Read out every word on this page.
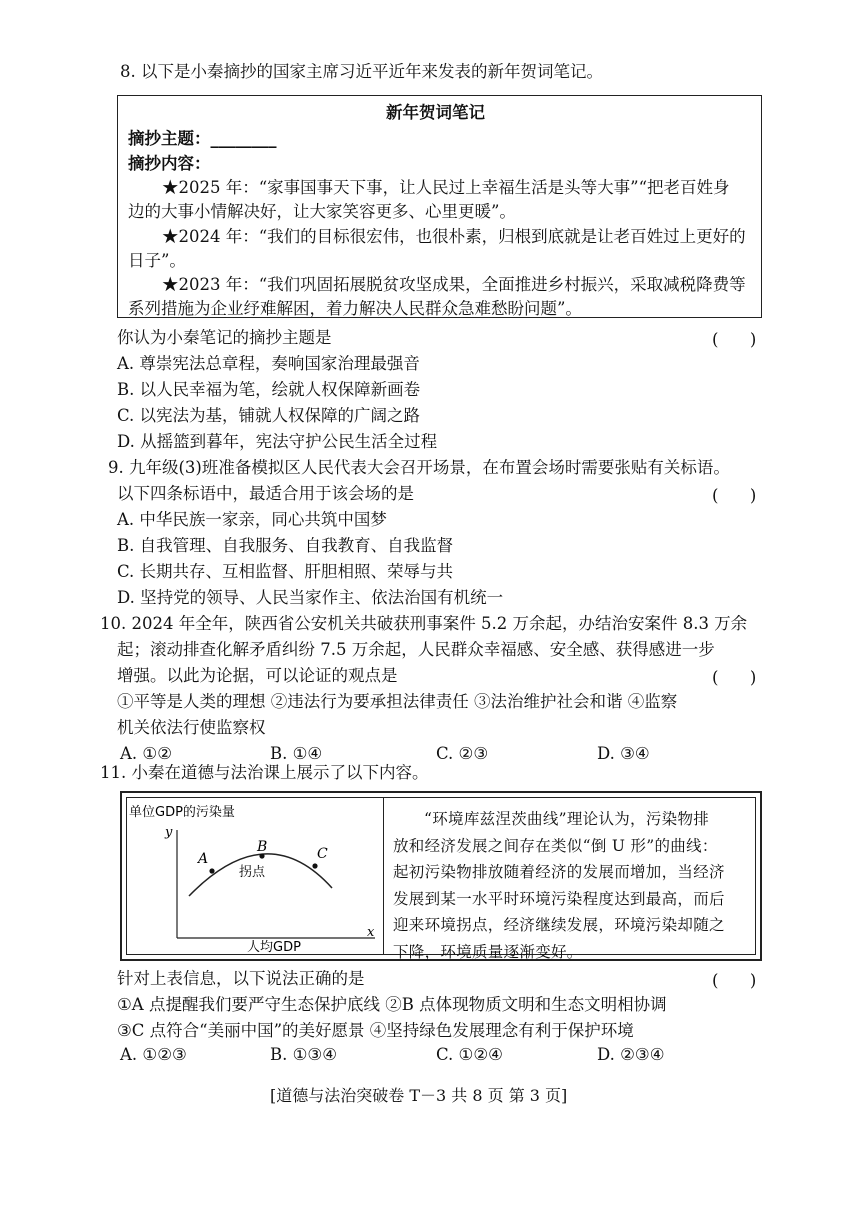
8. 以下是小秦摘抄的国家主席习近平近年来发表的新年贺词笔记。
新年贺词笔记
摘抄主题：________
摘抄内容：
★2025 年：“家事国事天下事，让人民过上幸福生活是头等大事”“把老百姓身
边的大事小情解决好，让大家笑容更多、心里更暖”。
★2024 年：“我们的目标很宏伟，也很朴素，归根到底就是让老百姓过上更好的
日子”。
★2023 年：“我们巩固拓展脱贫攻坚成果，全面推进乡村振兴，采取减税降费等
系列措施为企业纾难解困，着力解决人民群众急难愁盼问题”。
你认为小秦笔记的摘抄主题是	(      )
A. 尊崇宪法总章程，奏响国家治理最强音
B. 以人民幸福为笔，绘就人权保障新画卷
C. 以宪法为基，铺就人权保障的广阔之路
D. 从摇篮到暮年，宪法守护公民生活全过程
9. 九年级(3)班准备模拟区人民代表大会召开场景，在布置会场时需要张贴有关标语。
以下四条标语中，最适合用于该会场的是	(      )
A. 中华民族一家亲，同心共筑中国梦
B. 自我管理、自我服务、自我教育、自我监督
C. 长期共存、互相监督、肝胆相照、荣辱与共
D. 坚持党的领导、人民当家作主、依法治国有机统一
10. 2024 年全年，陕西省公安机关共破获刑事案件 5.2 万余起，办结治安案件 8.3 万余
起；滚动排查化解矛盾纠纷 7.5 万余起，人民群众幸福感、安全感、获得感进一步
增强。以此为论据，可以论证的观点是	(      )
①平等是人类的理想 ②违法行为要承担法律责任 ③法治维护社会和谐 ④监察
机关依法行使监察权
A. ①②	B. ①④	C. ②③	D. ③④
11. 小秦在道德与法治课上展示了以下内容。
单位GDP的污染量
y
x
人均GDP
拐点
A
B	C
“环境库兹涅茨曲线”理论认为，污染物排
放和经济发展之间存在类似“倒 U 形”的曲线：
起初污染物排放随着经济的发展而增加，当经济
发展到某一水平时环境污染程度达到最高，而后
迎来环境拐点，经济继续发展，环境污染却随之
下降，环境质量逐渐变好。
针对上表信息，以下说法正确的是	(      )
①A 点提醒我们要严守生态保护底线 ②B 点体现物质文明和生态文明相协调
③C 点符合“美丽中国”的美好愿景 ④坚持绿色发展理念有利于保护环境
A. ①②③	B. ①③④	C. ①②④	D. ②③④
[道德与法治突破卷 T－3 共 8 页 第 3 页]
